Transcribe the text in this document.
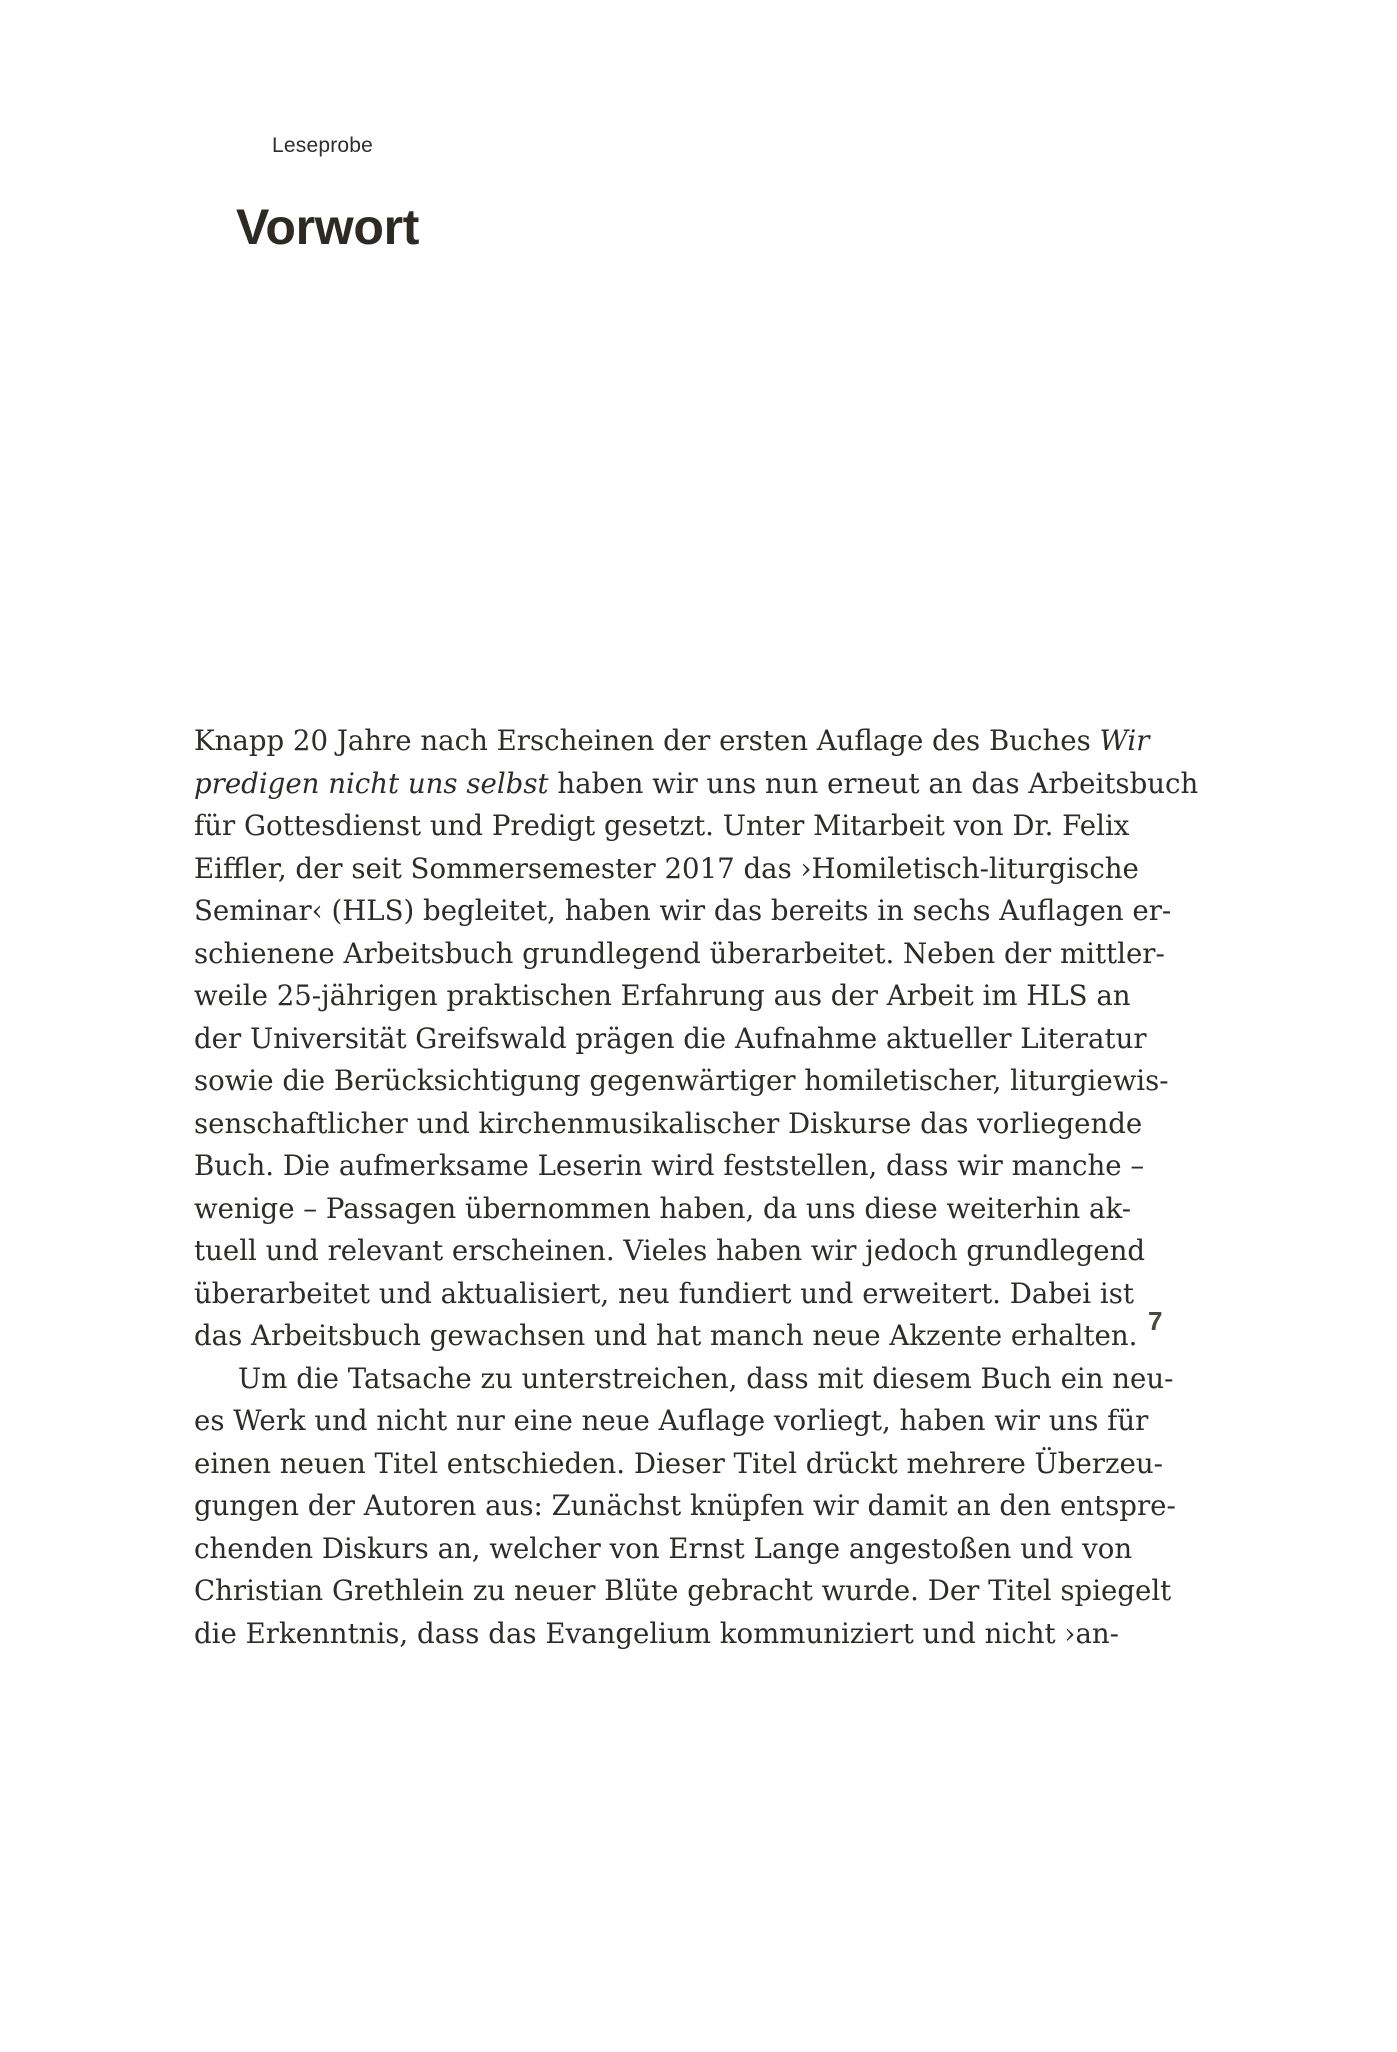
Leseprobe
Vorwort
Knapp 20 Jahre nach Erscheinen der ersten Auflage des Buches Wir
predigen nicht uns selbst haben wir uns nun erneut an das Arbeitsbuch
für Gottesdienst und Predigt gesetzt. Unter Mitarbeit von Dr. Felix
Eiffler, der seit Sommersemester 2017 das ›Homiletisch-liturgische
Seminar‹ (HLS) begleitet, haben wir das bereits in sechs Auflagen er-
schienene Arbeitsbuch grundlegend überarbeitet. Neben der mittler-
weile 25-jährigen praktischen Erfahrung aus der Arbeit im HLS an
der Universität Greifswald prägen die Aufnahme aktueller Literatur
sowie die Berücksichtigung gegenwärtiger homiletischer, liturgiewis-
senschaftlicher und kirchenmusikalischer Diskurse das vorliegende
Buch. Die aufmerksame Leserin wird feststellen, dass wir manche –
wenige – Passagen übernommen haben, da uns diese weiterhin ak-
tuell und relevant erscheinen. Vieles haben wir jedoch grundlegend
überarbeitet und aktualisiert, neu fundiert und erweitert. Dabei ist
das Arbeitsbuch gewachsen und hat manch neue Akzente erhalten.
Um die Tatsache zu unterstreichen, dass mit diesem Buch ein neu-
es Werk und nicht nur eine neue Auflage vorliegt, haben wir uns für
einen neuen Titel entschieden. Dieser Titel drückt mehrere Überzeu-
gungen der Autoren aus: Zunächst knüpfen wir damit an den entspre-
chenden Diskurs an, welcher von Ernst Lange angestoßen und von
Christian Grethlein zu neuer Blüte gebracht wurde. Der Titel spiegelt
die Erkenntnis, dass das Evangelium kommuniziert und nicht ›an-
7
